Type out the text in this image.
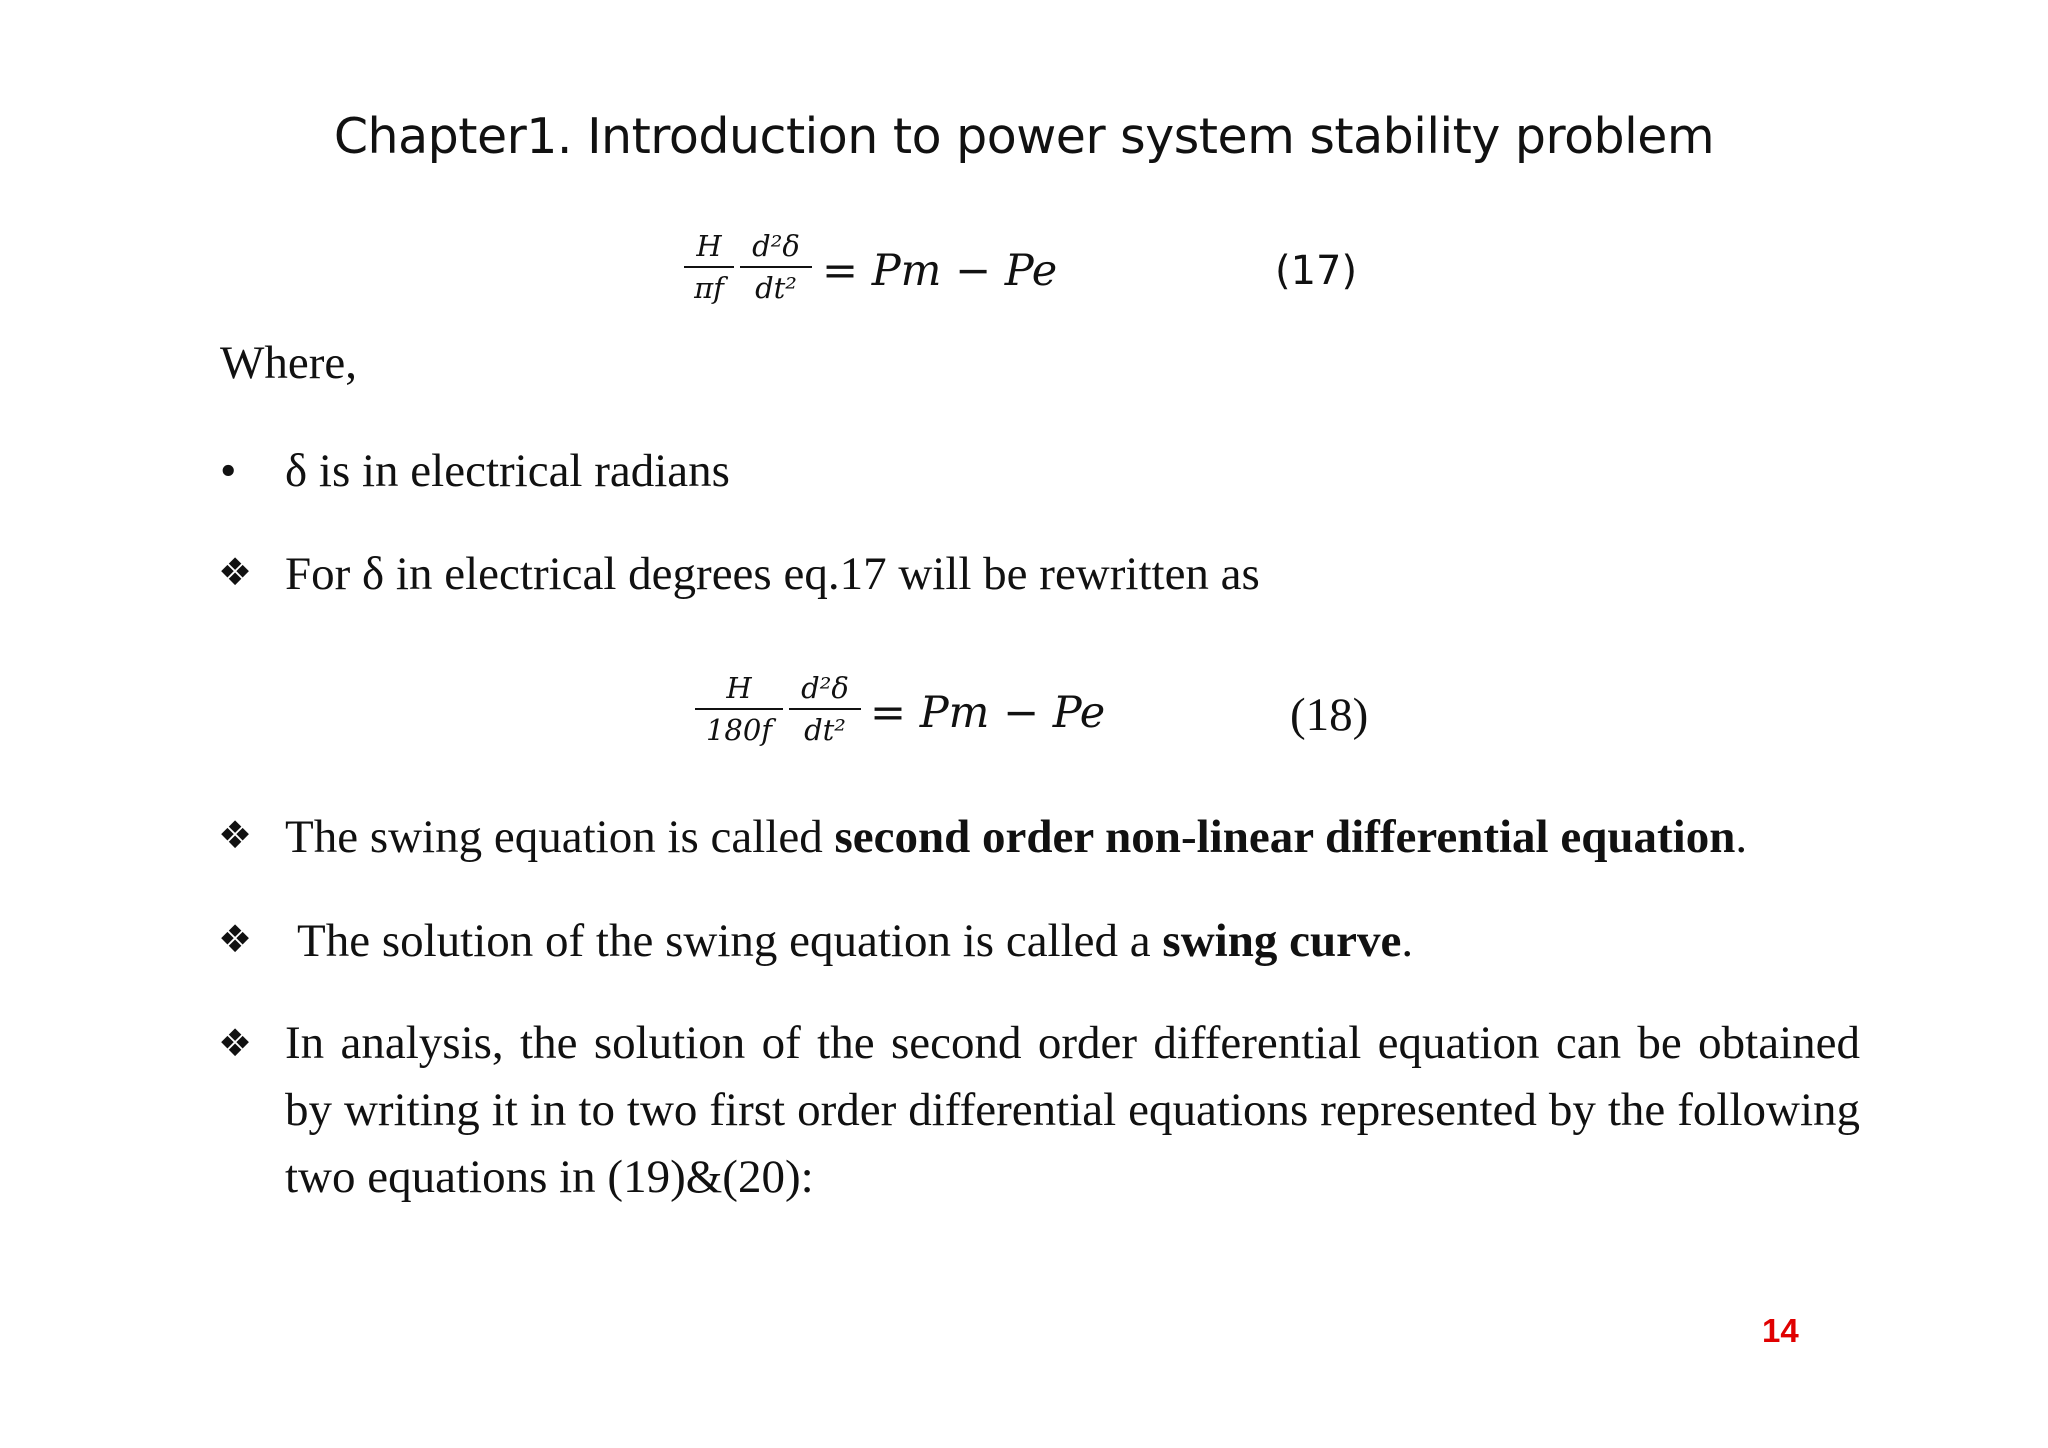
Chapter1. Introduction to power system stability problem
H
πf
d²δ
dt² = Pm − Pe	(17)
Where,
• δ is in electrical radians
❖ For δ in electrical degrees eq.17 will be rewritten as
H
180f
d²δ
dt² = Pm − Pe	(18)
❖ The swing equation is called second order non-linear differential equation.
❖ The solution of the swing equation is called a swing curve.
❖ In analysis, the solution of the second order differential equation can be obtained by writing it in to two first order differential equations represented by the following two equations in (19)&(20):
14
